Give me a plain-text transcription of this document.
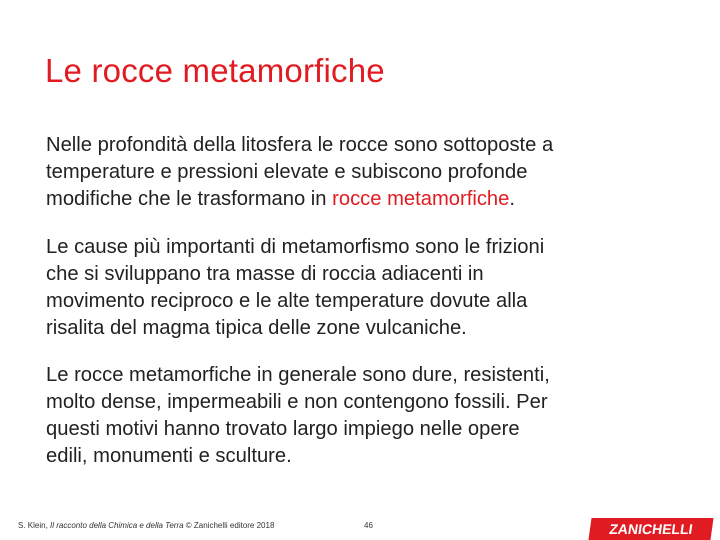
Le rocce metamorfiche
Nelle profondità della litosfera le rocce sono sottoposte a
temperature e pressioni elevate e subiscono profonde
modifiche che le trasformano in rocce metamorfiche.
Le cause più importanti di metamorfismo sono le frizioni
che si sviluppano tra masse di roccia adiacenti in
movimento reciproco e le alte temperature dovute alla
risalita del magma tipica delle zone vulcaniche.
Le rocce metamorfiche in generale sono dure, resistenti,
molto dense, impermeabili e non contengono fossili. Per
questi motivi hanno trovato largo impiego nelle opere
edili, monumenti e sculture.
S. Klein, Il racconto della Chimica e della Terra © Zanichelli editore 2018	46	ZANICHELLI
